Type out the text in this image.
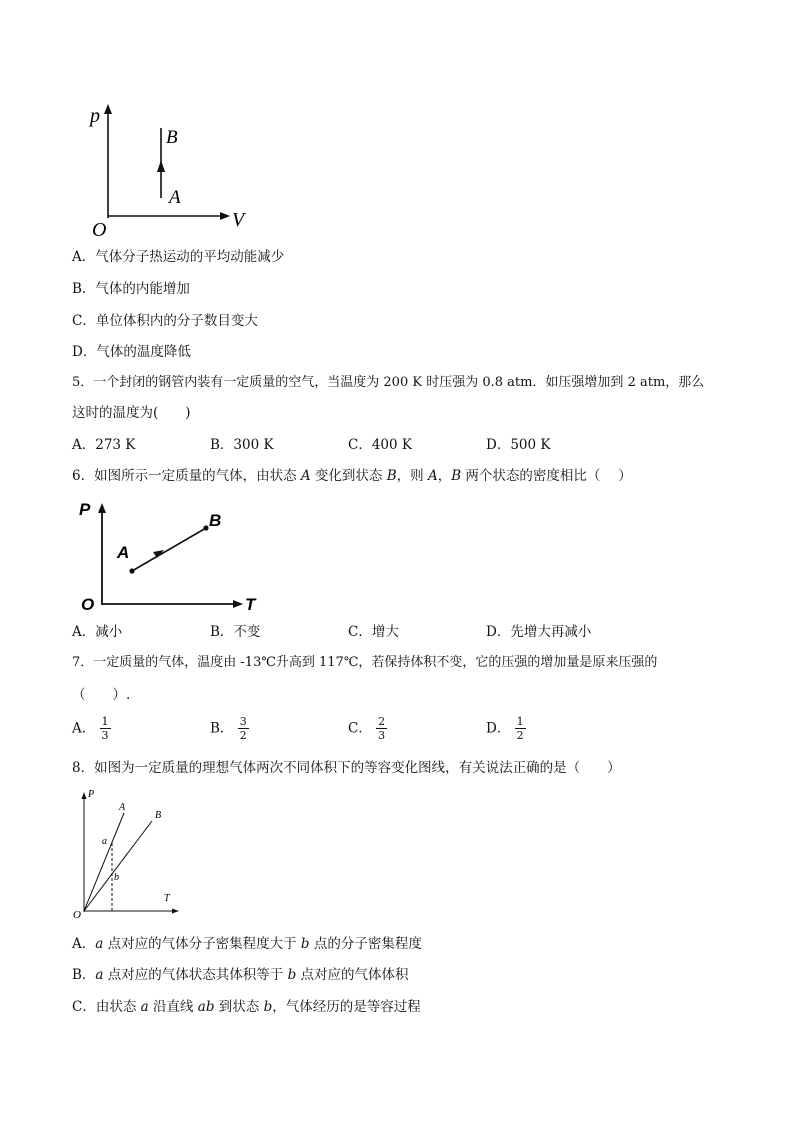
p
V
O
B
A
A．气体分子热运动的平均动能减少
B．气体的内能增加
C．单位体积内的分子数目变大
D．气体的温度降低
5．一个封闭的钢管内装有一定质量的空气，当温度为 200 K 时压强为 0.8 atm．如压强增加到 2 atm，那么
这时的温度为(　　)
A．273 K	B．300 K	C．400 K	D．500 K
6．如图所示一定质量的气体，由状态 A 变化到状态 B，则 A，B 两个状态的密度相比（　 ）
P
T
O
A
B
A．减小	B．不变	C．增大	D．先增大再减小
7．一定质量的气体，温度由 -13℃升高到 117℃，若保持体积不变，它的压强的增加量是原来压强的
（　　）.
A． $\frac{1}{3}$	B． $\frac{3}{2}$	C． $\frac{2}{3}$	D． $\frac{1}{2}$
8．如图为一定质量的理想气体两次不同体积下的等容变化图线，有关说法正确的是（　　）
P
T
O
A
B
a
b
A．a 点对应的气体分子密集程度大于 b 点的分子密集程度
B．a 点对应的气体状态其体积等于 b 点对应的气体体积
C．由状态 a 沿直线 ab 到状态 b，气体经历的是等容过程
